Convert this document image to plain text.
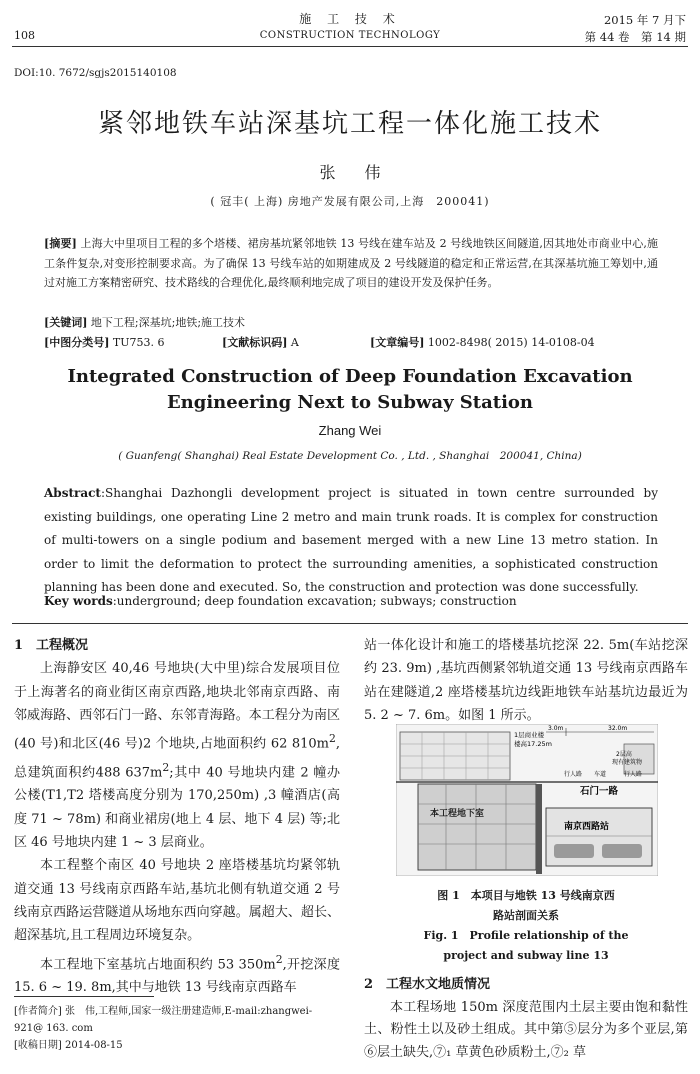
108
施 工 技 术
CONSTRUCTION TECHNOLOGY
2015 年 7 月下
第 44 卷　第 14 期
DOI:10. 7672/sgjs2015140108
紧邻地铁车站深基坑工程一体化施工技术
张 伟
( 冠丰( 上海) 房地产发展有限公司,上海　200041)
[摘要] 上海大中里项目工程的多个塔楼、裙房基坑紧邻地铁 13 号线在建车站及 2 号线地铁区间隧道,因其地处市商业中心,施工条件复杂,对变形控制要求高。为了确保 13 号线车站的如期建成及 2 号线隧道的稳定和正常运营,在其深基坑施工筹划中,通过对施工方案精密研究、技术路线的合理优化,最终顺利地完成了项目的建设开发及保护任务。
[关键词] 地下工程;深基坑;地铁;施工技术
[中图分类号] TU753. 6	[文献标识码] A	[文章编号] 1002-8498( 2015) 14-0108-04
Integrated Construction of Deep Foundation Excavation
Engineering Next to Subway Station
Zhang Wei
( Guanfeng( Shanghai) Real Estate Development Co. , Ltd. , Shanghai　200041, China)
Abstract:Shanghai Dazhongli development project is situated in town centre surrounded by existing buildings, one operating Line 2 metro and main trunk roads. It is complex for construction of multi-towers on a single podium and basement merged with a new Line 13 metro station. In order to limit the deformation to protect the surrounding amenities, a sophisticated construction planning has been done and executed. So, the construction and protection was done successfully.
Key words:underground; deep foundation excavation; subways; construction
1　工程概况

上海静安区 40,46 号地块(大中里)综合发展项目位于上海著名的商业街区南京西路,地块北邻南京西路、南邻威海路、西邻石门一路、东邻青海路。本工程分为南区(40 号)和北区(46 号)2 个地块,占地面积约 62 $810m^2$,总建筑面积约488 $637m^2$;其中 40 号地块内建 2 幢办公楼(T1,T2 塔楼高度分别为 170,250m) ,3 幢酒店(高度 71 ~ 78m) 和商业裙房(地上 4 层、地下 4 层) 等;北区 46 号地块内建 1 ~ 3 层商业。

本工程整个南区 40 号地块 2 座塔楼基坑均紧邻轨道交通 13 号线南京西路车站,基坑北侧有轨道交通 2 号线南京西路运营隧道从场地东西向穿越。属超大、超长、超深基坑,且工程周边环境复杂。

本工程地下室基坑占地面积约 53 $350m^2$,开挖深度 15. 6 ~ 19. 8m,其中与地铁 13 号线南京西路车

[作者简介] 张　伟,工程师,国家一级注册建造师,E-mail:zhangwei-921@ 163. com
[收稿日期] 2014-08-15

站一体化设计和施工的塔楼基坑挖深 22. 5m(车站挖深约 23. 9m) ,基坑西侧紧邻轨道交通 13 号线南京西路车站在建隧道,2 座塔楼基坑边线距地铁车站基坑边最近为 5. 2 ~ 7. 6m。如图 1 所示。

1层商业楼
楼高17.25m
3.0m	32.0m
2层高
现有建筑物
行人路 车道	行人路
石门一路
本工程地下室
南京西路站
图 1　本项目与地铁 13 号线南京西
路站剖面关系
Fig. 1　Profile relationship of the
project and subway line 13
2　工程水文地质情况

本工程场地 150m 深度范围内土层主要由饱和黏性土、粉性土以及砂土组成。其中第⑤层分为多个亚层,第⑥层土缺失,⑦₁ 草黄色砂质粉土,⑦₂ 草
